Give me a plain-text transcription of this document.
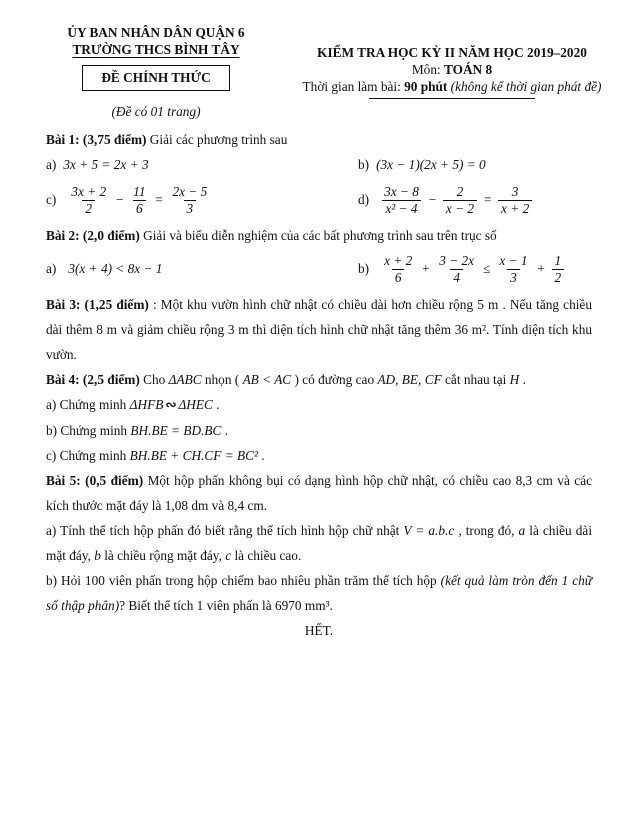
ỦY BAN NHÂN DÂN QUẬN 6
TRƯỜNG THCS BÌNH TÂY
ĐỀ CHÍNH THỨC
(Đề có 01 trang)
KIỂM TRA HỌC KỲ II NĂM HỌC 2019–2020
Môn: TOÁN 8
Thời gian làm bài: 90 phút (không kể thời gian phát đề)

Bài 1: (3,75 điểm) Giải các phương trình sau

a) 3x + 5 = 2x + 3	b) (3x − 1)(2x + 5) = 0
$c) \frac{3x + 2}{2} - \frac{11}{6} = \frac{2x - 5}{3}$	$d) \frac{3x - 8}{\text{x² − 4}} - \frac{2}{x - 2} = \frac{3}{x + 2}$

Bài 2: (2,0 điểm) Giải và biểu diễn nghiệm của các bất phương trình sau trên trục số

a) 3(x + 4) < 8x − 1	$b) \frac{x + 2}{6} + \frac{3 - 2x}{4} \le \frac{x - 1}{3} + \frac{1}{2}$

Bài 3: (1,25 điểm) : Một khu vườn hình chữ nhật có chiều dài hơn chiều rộng 5 m . Nếu tăng chiều dài thêm 8 m và giảm chiều rộng 3 m thì diện tích hình chữ nhật tăng thêm 36 m². Tính diện tích khu vườn.

Bài 4: (2,5 điểm) Cho ΔABC nhọn ( AB < AC ) có đường cao AD, BE, CF cắt nhau tại H .

a) Chứng minh ΔHFB ∾ ΔHEC .

b) Chứng minh BH.BE = BD.BC .

c) Chứng minh BH.BE + CH.CF = BC² .

Bài 5: (0,5 điểm) Một hộp phấn không bụi có dạng hình hộp chữ nhật, có chiều cao 8,3 cm và các kích thước mặt đáy là 1,08 dm và 8,4 cm.

a) Tính thể tích hộp phấn đó biết rằng thể tích hình hộp chữ nhật V = a.b.c , trong đó, a là chiều dài mặt đáy, b là chiều rộng mặt đáy, c là chiều cao.

b) Hỏi 100 viên phấn trong hộp chiếm bao nhiêu phần trăm thể tích hộp (kết quả làm tròn đến 1 chữ số thập phân)? Biết thể tích 1 viên phấn là 6970 mm³.

HẾT.
